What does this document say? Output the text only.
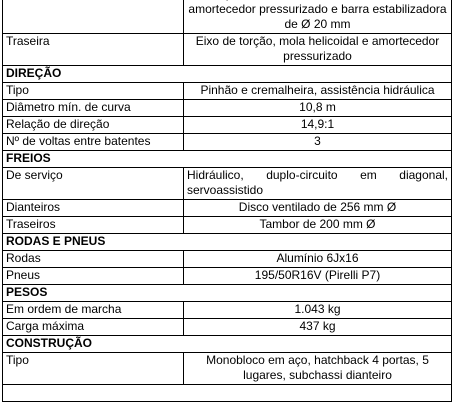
	amortecedor pressurizado e barra estabilizadora de Ø 20 mm
Traseira	Eixo de torção, mola helicoidal e amortecedor pressurizado
DIREÇÃO	
Tipo	Pinhão e cremalheira, assistência hidráulica
Diâmetro mín. de curva	10,8 m
Relação de direção	14,9:1
Nº de voltas entre batentes	3
FREIOS	
De serviço	Hidráulico, duplo-circuito em diagonal, servoassistido
Dianteiros	Disco ventilado de 256 mm Ø
Traseiros	Tambor de 200 mm Ø
RODAS E PNEUS	
Rodas	Alumínio 6Jx16
Pneus	195/50R16V (Pirelli P7)
PESOS	
Em ordem de marcha	1.043 kg
Carga máxima	437 kg
CONSTRUÇÃO	
Tipo	Monobloco em aço, hatchback 4 portas, 5 lugares, subchassi dianteiro
